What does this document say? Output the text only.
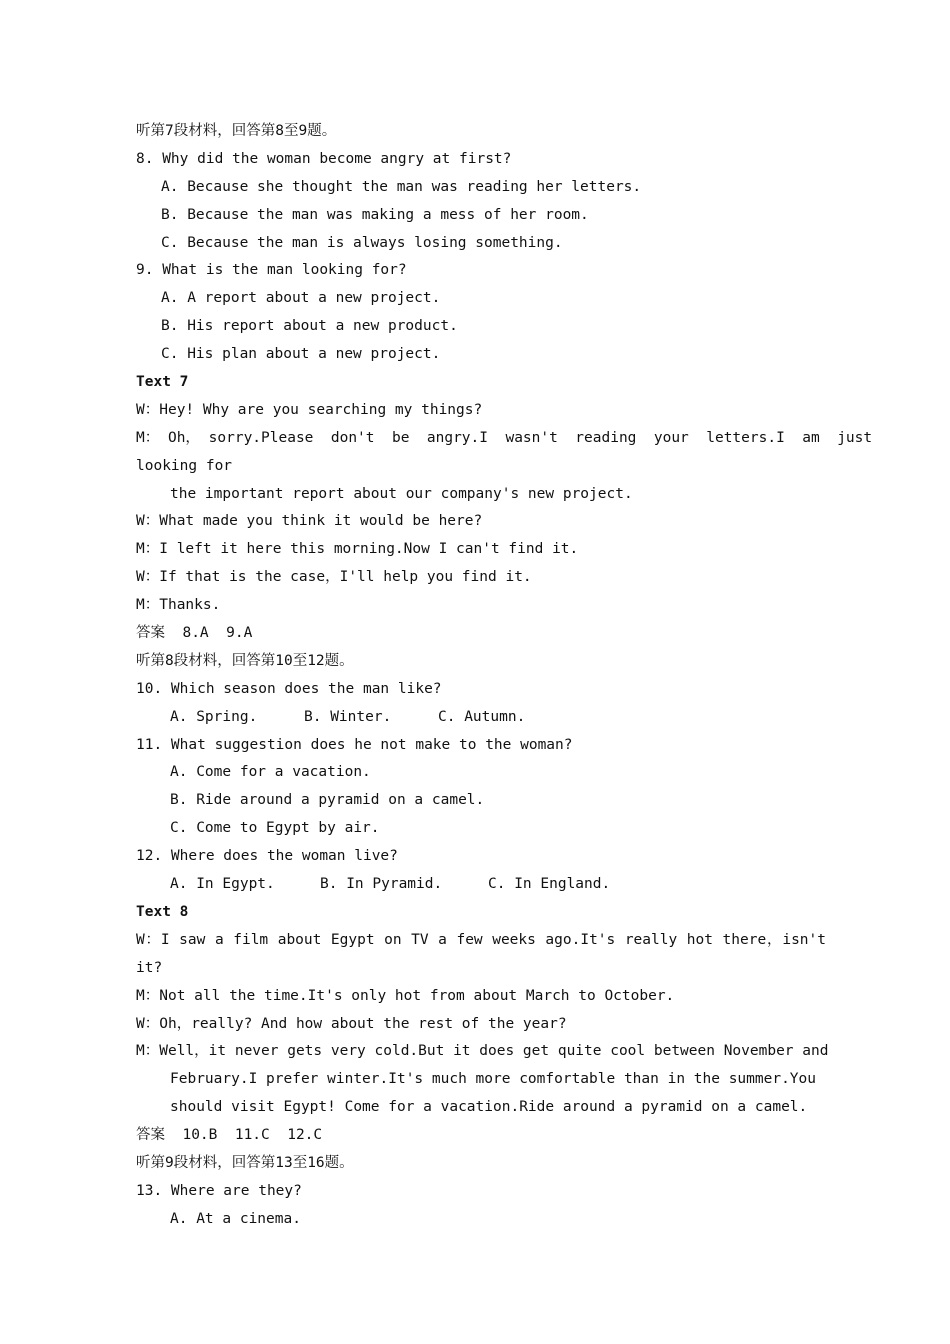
听第7段材料，回答第8至9题。
8. Why did the woman become angry at first?
A. Because she thought the man was reading her letters.
B. Because the man was making a mess of her room.
C. Because the man is always losing something.
9. What is the man looking for?
A. A report about a new project.
B. His report about a new product.
C. His plan about a new project.
Text 7
W：Hey! Why are you searching my things?
M： Oh， sorry.Please  don't  be  angry.I  wasn't  reading  your  letters.I  am  just
looking for
the important report about our company's new project.
W：What made you think it would be here?
M：I left it here this morning.Now I can't find it.
W：If that is the case，I'll help you find it.
M：Thanks.
答案  8.A  9.A
听第8段材料，回答第10至12题。
10. Which season does the man like?
A. Spring.	B. Winter.	C. Autumn.
11. What suggestion does he not make to the woman?
A. Come for a vacation.
B. Ride around a pyramid on a camel.
C. Come to Egypt by air.
12. Where does the woman live?
A. In Egypt.	B. In Pyramid.	C. In England.
Text 8
W：I saw a film about Egypt on TV a few weeks ago.It's really hot there，isn't
it?
M：Not all the time.It's only hot from about March to October.
W：Oh，really? And how about the rest of the year?
M：Well，it never gets very cold.But it does get quite cool between November and
February.I prefer winter.It's much more comfortable than in the summer.You
should visit Egypt! Come for a vacation.Ride around a pyramid on a camel.
答案  10.B  11.C  12.C
听第9段材料，回答第13至16题。
13. Where are they?
A. At a cinema.
